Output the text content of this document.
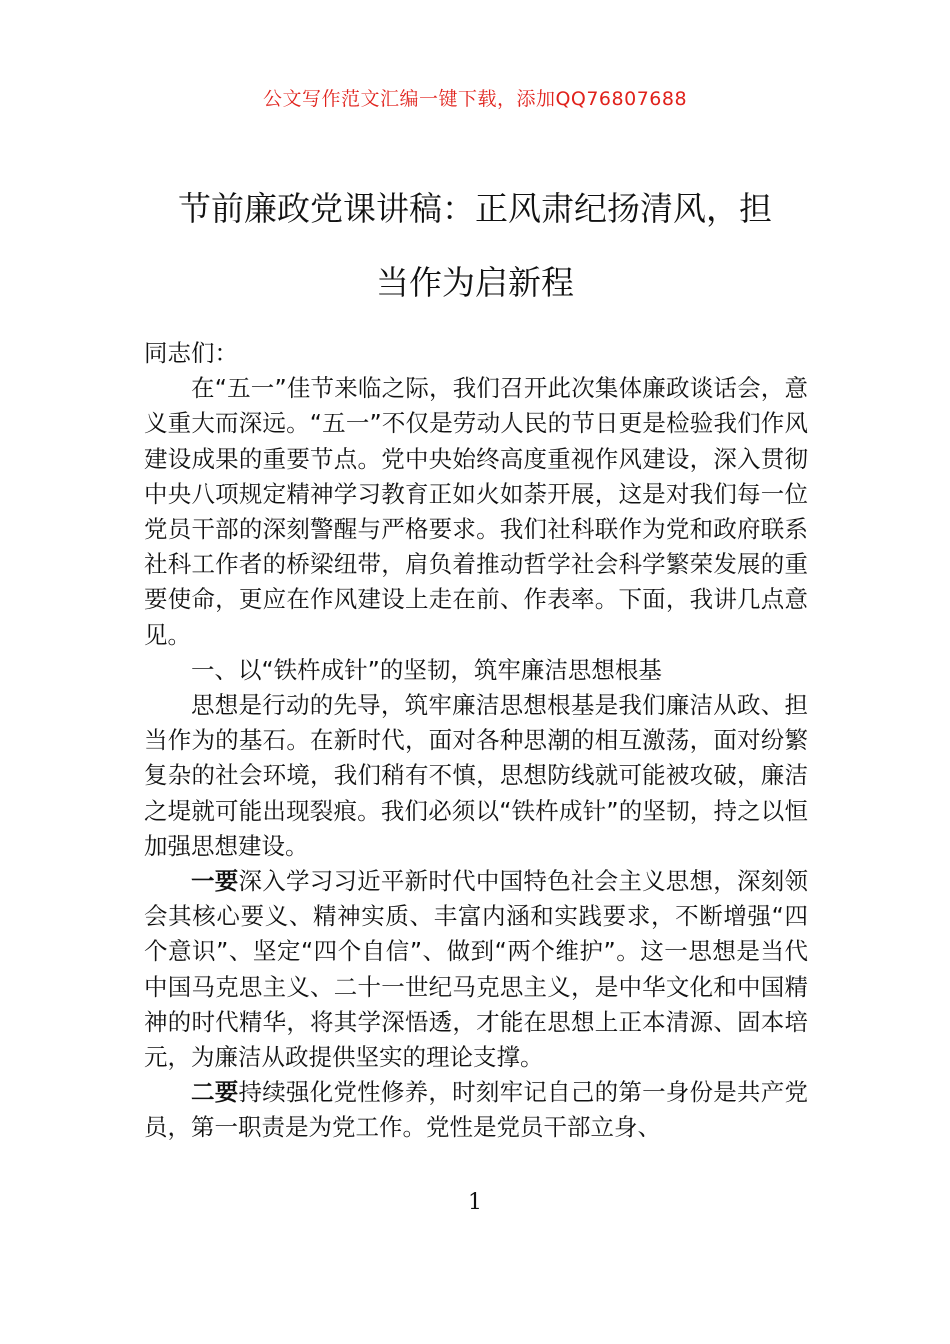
公文写作范文汇编一键下载，添加QQ76807688
节前廉政党课讲稿：正风肃纪扬清风，担
当作为启新程

同志们：

在“五一”佳节来临之际，我们召开此次集体廉政谈话会，意义重大而深远。“五一”不仅是劳动人民的节日更是检验我们作风建设成果的重要节点。党中央始终高度重视作风建设，深入贯彻中央八项规定精神学习教育正如火如荼开展，这是对我们每一位党员干部的深刻警醒与严格要求。我们社科联作为党和政府联系社科工作者的桥梁纽带，肩负着推动哲学社会科学繁荣发展的重要使命，更应在作风建设上走在前、作表率。下面，我讲几点意见。

一、以“铁杵成针”的坚韧，筑牢廉洁思想根基

思想是行动的先导，筑牢廉洁思想根基是我们廉洁从政、担当作为的基石。在新时代，面对各种思潮的相互激荡，面对纷繁复杂的社会环境，我们稍有不慎，思想防线就可能被攻破，廉洁之堤就可能出现裂痕。我们必须以“铁杵成针”的坚韧，持之以恒加强思想建设。

一要深入学习习近平新时代中国特色社会主义思想，深刻领会其核心要义、精神实质、丰富内涵和实践要求，不断增强“四个意识”、坚定“四个自信”、做到“两个维护”。这一思想是当代中国马克思主义、二十一世纪马克思主义，是中华文化和中国精神的时代精华，将其学深悟透，才能在思想上正本清源、固本培元，为廉洁从政提供坚实的理论支撑。

二要持续强化党性修养，时刻牢记自己的第一身份是共产党员，第一职责是为党工作。党性是党员干部立身、

1
